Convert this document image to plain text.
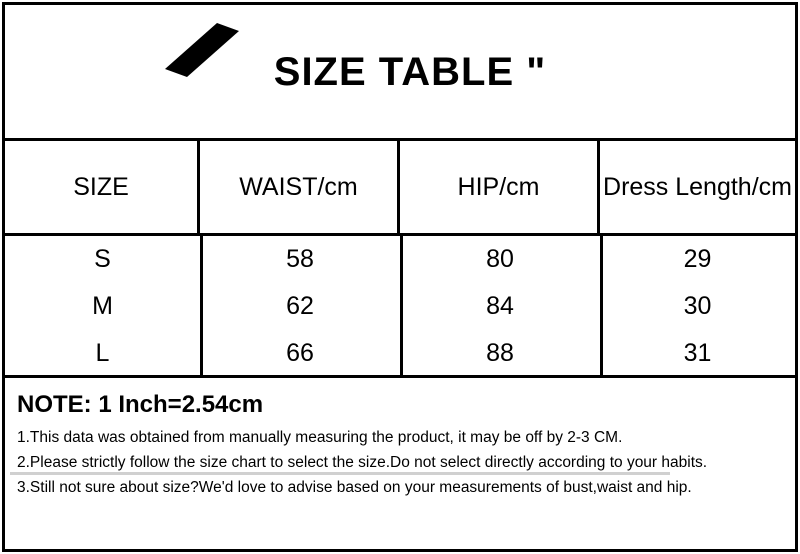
SIZE TABLE "
SIZE	WAIST/cm	HIP/cm	Dress Length/cm
S	58	80	29
M	62	84	30
L	66	88	31
NOTE: 1 Inch=2.54cm
1.This data was obtained from manually measuring the product, it may be off by 2-3 CM.
2.Please strictly follow the size chart to select the size.Do not select directly according to your habits.
3.Still not sure about size?We'd love to advise based on your measurements of bust,waist and hip.
